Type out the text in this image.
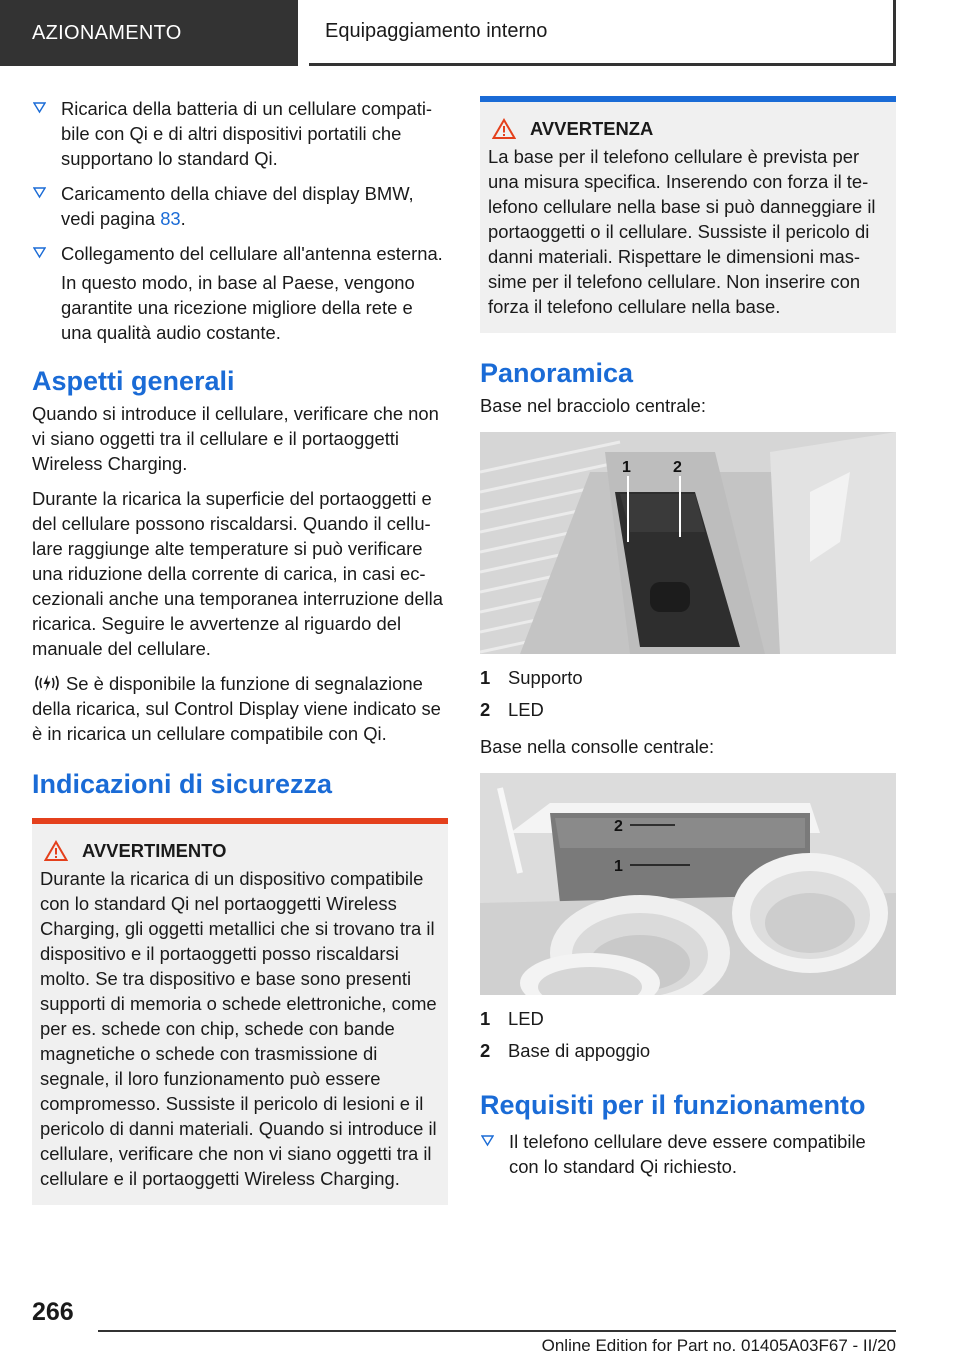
AZIONAMENTO	Equipaggiamento interno
Ricarica della batteria di un cellulare compati-bile con Qi e di altri dispositivi portatili che supportano lo standard Qi.
Caricamento della chiave del display BMW, vedi pagina 83.
Collegamento del cellulare all'antenna esterna.
In questo modo, in base al Paese, vengono garantite una ricezione migliore della rete e una qualità audio costante.
Aspetti generali
Quando si introduce il cellulare, verificare che non vi siano oggetti tra il cellulare e il portaoggetti Wireless Charging.
Durante la ricarica la superficie del portaoggetti e del cellulare possono riscaldarsi. Quando il cellu-lare raggiunge alte temperature si può verificare una riduzione della corrente di carica, in casi ec-cezionali anche una temporanea interruzione della ricarica. Seguire le avvertenze al riguardo del manuale del cellulare.
Se è disponibile la funzione di segnalazione della ricarica, sul Control Display viene indicato se è in ricarica un cellulare compatibile con Qi.
Indicazioni di sicurezza
AVVERTIMENTO
Durante la ricarica di un dispositivo compatibile con lo standard Qi nel portaoggetti Wireless Charging, gli oggetti metallici che si trovano tra il dispositivo e il portaoggetti posso riscaldarsi molto. Se tra dispositivo e base sono presenti supporti di memoria o schede elettroniche, come per es. schede con chip, schede con bande magnetiche o schede con trasmissione di segnale, il loro funzionamento può essere compromesso. Sussiste il pericolo di lesioni e il pericolo di danni materiali. Quando si introduce il cellulare, verificare che non vi siano oggetti tra il cellulare e il portaoggetti Wireless Charging.
AVVERTENZA
La base per il telefono cellulare è prevista per una misura specifica. Inserendo con forza il te-lefono cellulare nella base si può danneggiare il portaoggetti o il cellulare. Sussiste il pericolo di danni materiali. Rispettare le dimensioni mas-sime per il telefono cellulare. Non inserire con forza il telefono cellulare nella base.
Panoramica
Base nel bracciolo centrale:
1	2
1 Supporto
2 LED
Base nella consolle centrale:
2
1
1 LED
2 Base di appoggio
Requisiti per il funzionamento
Il telefono cellulare deve essere compatibile con lo standard Qi richiesto.
266
Online Edition for Part no. 01405A03F67 - II/20
